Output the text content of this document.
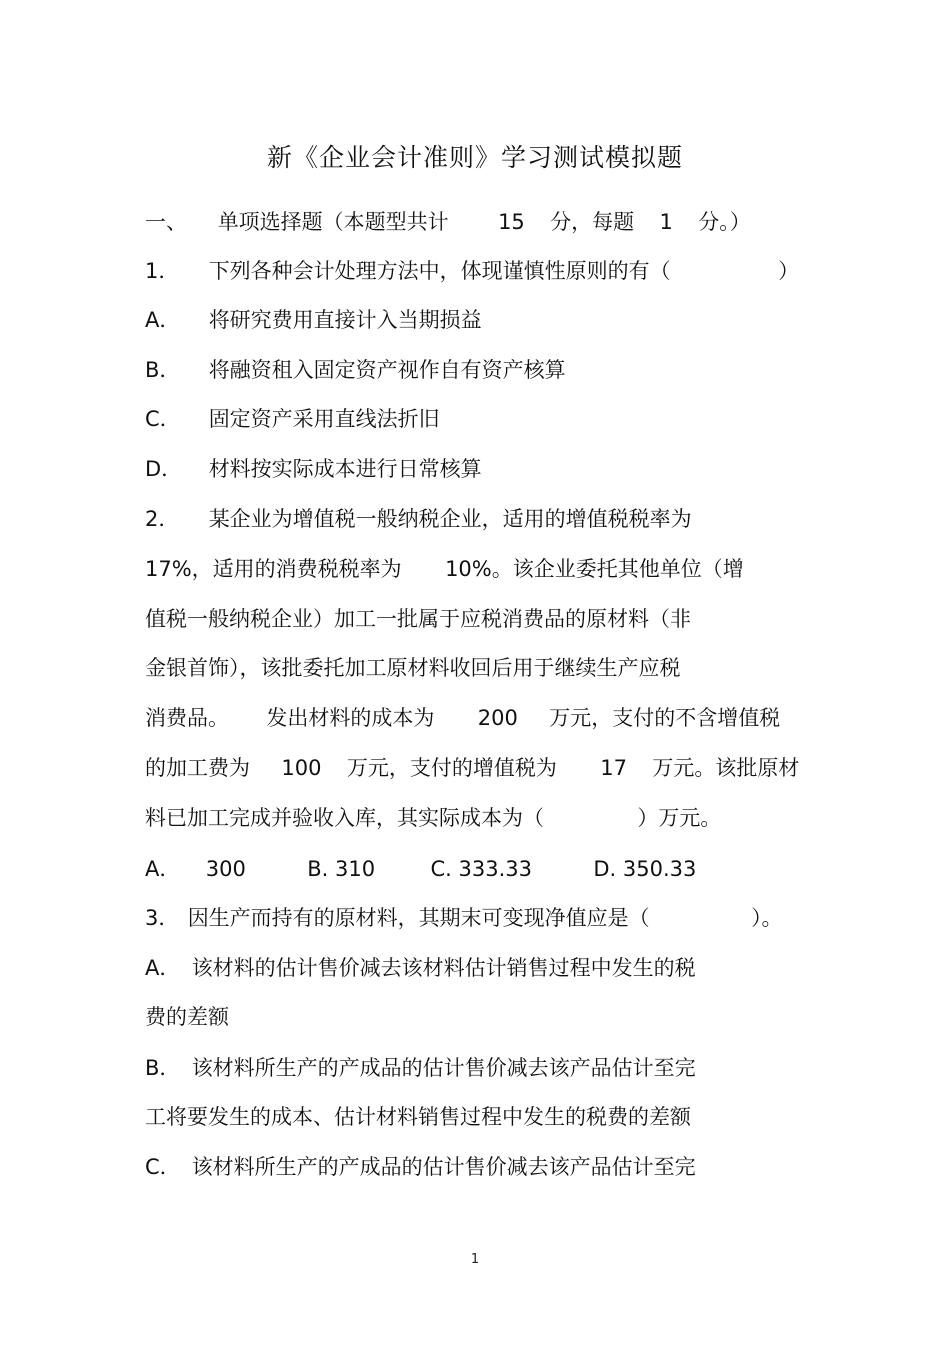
新《企业会计准则》学习测试模拟题
一、 单项选择题（本题型共计 15 分，每题 1 分。）
1． 下列各种会计处理方法中，体现谨慎性原则的有（	）
A． 将研究费用直接计入当期损益
B． 将融资租入固定资产视作自有资产核算
C． 固定资产采用直线法折旧
D． 材料按实际成本进行日常核算
2． 某企业为增值税一般纳税企业，适用的增值税税率为
17%，适用的消费税税率为 10%。该企业委托其他单位（增
值税一般纳税企业）加工一批属于应税消费品的原材料（非
金银首饰），该批委托加工原材料收回后用于继续生产应税
消费品。 发出材料的成本为 200 万元，支付的不含增值税
的加工费为 100 万元，支付的增值税为 17 万元。该批原材
料已加工完成并验收入库，其实际成本为（	）万元。
A． 300	B. 310	C. 333.33	D. 350.33
3． 因生产而持有的原材料，其期末可变现净值应是（	）。
A． 该材料的估计售价减去该材料估计销售过程中发生的税
费的差额
B． 该材料所生产的产成品的估计售价减去该产品估计至完
工将要发生的成本、估计材料销售过程中发生的税费的差额
C． 该材料所生产的产成品的估计售价减去该产品估计至完
1
